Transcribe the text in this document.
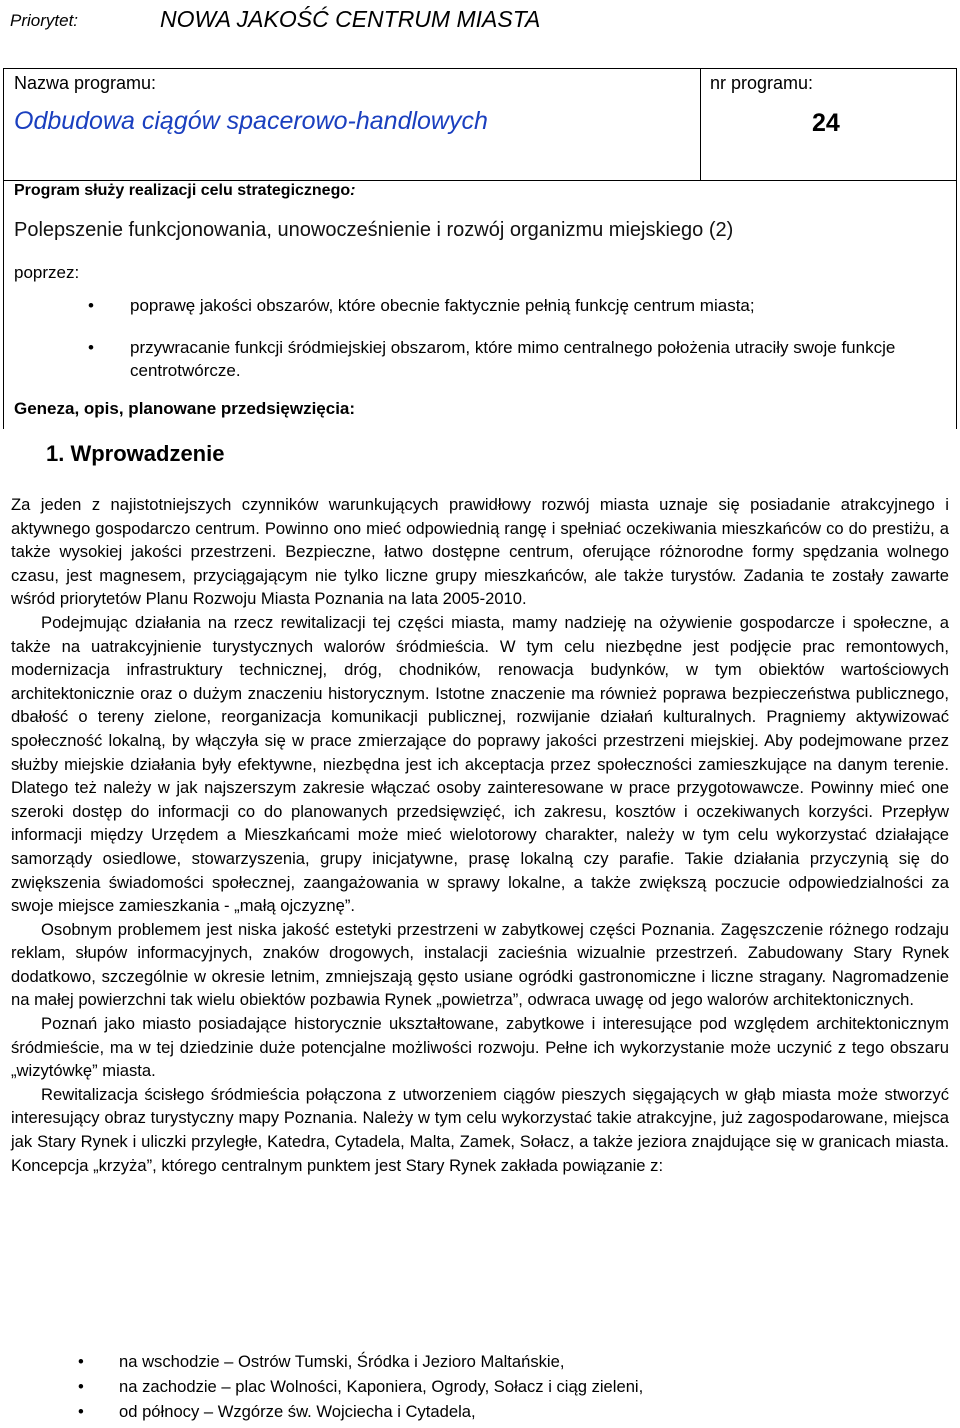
Priorytet:	NOWA JAKOŚĆ CENTRUM MIASTA
Nazwa programu:
Odbudowa ciągów spacerowo-handlowych
nr programu:
24
Program służy realizacji celu strategicznego:
Polepszenie funkcjonowania, unowocześnienie i rozwój organizmu miejskiego (2)
poprzez:
• poprawę jakości obszarów, które obecnie faktycznie pełnią funkcję centrum miasta;
• przywracanie funkcji śródmiejskiej obszarom, które mimo centralnego położenia utraciły swoje funkcje centrotwórcze.
Geneza, opis, planowane przedsięwzięcia:
1. Wprowadzenie

Za jeden z najistotniejszych czynników warunkujących prawidłowy rozwój miasta uznaje się posiadanie atrakcyjnego i aktywnego gospodarczo centrum. Powinno ono mieć odpowiednią rangę i spełniać oczekiwania mieszkańców co do prestiżu, a także wysokiej jakości przestrzeni. Bezpieczne, łatwo dostępne centrum, oferujące różnorodne formy spędzania wolnego czasu, jest magnesem, przyciągającym nie tylko liczne grupy mieszkańców, ale także turystów. Zadania te zostały zawarte wśród priorytetów Planu Rozwoju Miasta Poznania na lata 2005-2010.

Podejmując działania na rzecz rewitalizacji tej części miasta, mamy nadzieję na ożywienie gospodarcze i społeczne, a także na uatrakcyjnienie turystycznych walorów śródmieścia. W tym celu niezbędne jest podjęcie prac remontowych, modernizacja infrastruktury technicznej, dróg, chodników, renowacja budynków, w tym obiektów wartościowych architektonicznie oraz o dużym znaczeniu historycznym. Istotne znaczenie ma również poprawa bezpieczeństwa publicznego, dbałość o tereny zielone, reorganizacja komunikacji publicznej, rozwijanie działań kulturalnych. Pragniemy aktywizować społeczność lokalną, by włączyła się w prace zmierzające do poprawy jakości przestrzeni miejskiej. Aby podejmowane przez służby miejskie działania były efektywne, niezbędna jest ich akceptacja przez społeczności zamieszkujące na danym terenie. Dlatego też należy w jak najszerszym zakresie włączać osoby zainteresowane w prace przygotowawcze. Powinny mieć one szeroki dostęp do informacji co do planowanych przedsięwzięć, ich zakresu, kosztów i oczekiwanych korzyści. Przepływ informacji między Urzędem a Mieszkańcami może mieć wielotorowy charakter, należy w tym celu wykorzystać działające samorządy osiedlowe, stowarzyszenia, grupy inicjatywne, prasę lokalną czy parafie. Takie działania przyczynią się do zwiększenia świadomości społecznej, zaangażowania w sprawy lokalne, a także zwiększą poczucie odpowiedzialności za swoje miejsce zamieszkania - „małą ojczyznę”.

Osobnym problemem jest niska jakość estetyki przestrzeni w zabytkowej części Poznania. Zagęszczenie różnego rodzaju reklam, słupów informacyjnych, znaków drogowych, instalacji zacieśnia wizualnie przestrzeń. Zabudowany Stary Rynek dodatkowo, szczególnie w okresie letnim, zmniejszają gęsto usiane ogródki gastronomiczne i liczne stragany. Nagromadzenie na małej powierzchni tak wielu obiektów pozbawia Rynek „powietrza”, odwraca uwagę od jego walorów architektonicznych.

Poznań jako miasto posiadające historycznie ukształtowane, zabytkowe i interesujące pod względem architektonicznym śródmieście, ma w tej dziedzinie duże potencjalne możliwości rozwoju. Pełne ich wykorzystanie może uczynić z tego obszaru „wizytówkę” miasta.

Rewitalizacja ścisłego śródmieścia połączona z utworzeniem ciągów pieszych sięgających w głąb miasta może stworzyć interesujący obraz turystyczny mapy Poznania. Należy w tym celu wykorzystać takie atrakcyjne, już zagospodarowane, miejsca jak Stary Rynek i uliczki przyległe, Katedra, Cytadela, Malta, Zamek, Sołacz, a także jeziora znajdujące się w granicach miasta. Koncepcja „krzyża”, którego centralnym punktem jest Stary Rynek zakłada powiązanie z:

• na wschodzie – Ostrów Tumski, Śródka i Jezioro Maltańskie,
• na zachodzie – plac Wolności, Kaponiera, Ogrody, Sołacz i ciąg zieleni,
• od północy – Wzgórze św. Wojciecha i Cytadela,
